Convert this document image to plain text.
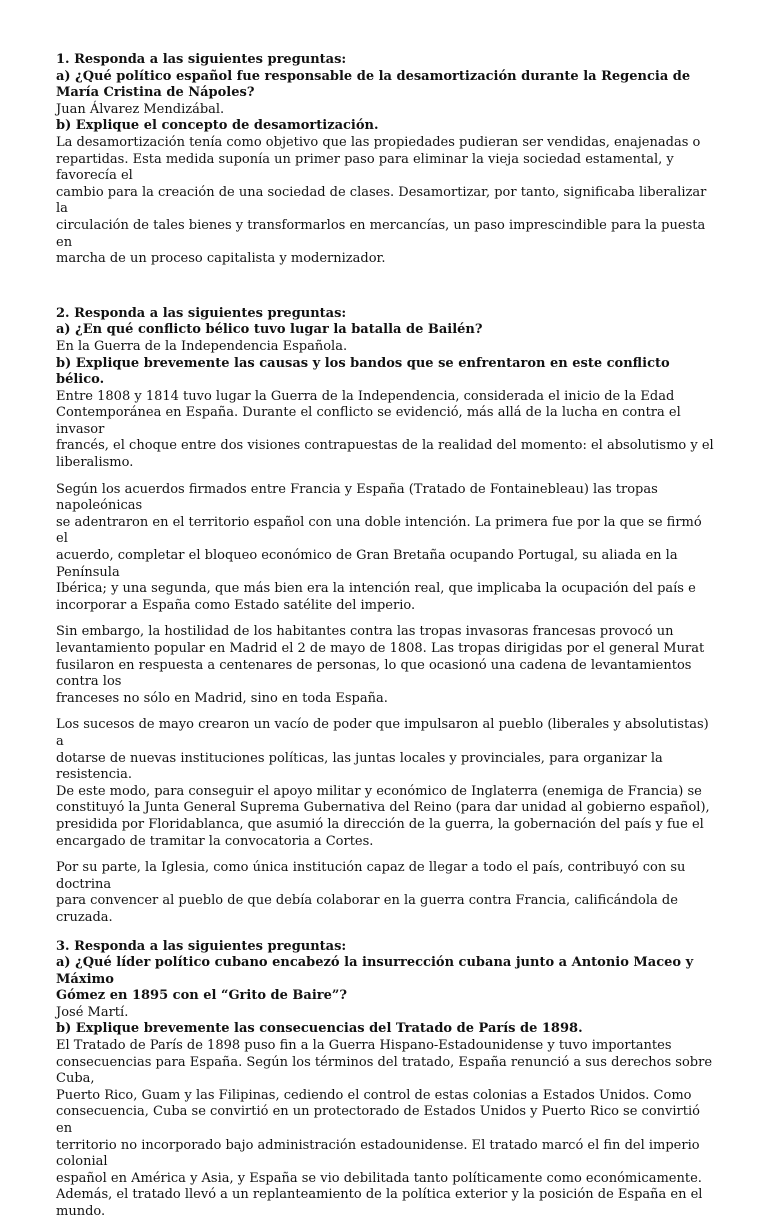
1. Responda a las siguientes preguntas:

a) ¿Qué político español fue responsable de la desamortización durante la Regencia de

María Cristina de Nápoles?

Juan Álvarez Mendizábal.

b) Explique el concepto de desamortización.

La desamortización tenía como objetivo que las propiedades pudieran ser vendidas, enajenadas o

repartidas. Esta medida suponía un primer paso para eliminar la vieja sociedad estamental, y favorecía el

cambio para la creación de una sociedad de clases. Desamortizar, por tanto, significaba liberalizar la

circulación de tales bienes y transformarlos en mercancías, un paso imprescindible para la puesta en

marcha de un proceso capitalista y modernizador.

2. Responda a las siguientes preguntas:

a) ¿En qué conflicto bélico tuvo lugar la batalla de Bailén?

En la Guerra de la Independencia Española.

b) Explique brevemente las causas y los bandos que se enfrentaron en este conflicto bélico.

Entre 1808 y 1814 tuvo lugar la Guerra de la Independencia, considerada el inicio de la Edad

Contemporánea en España. Durante el conflicto se evidenció, más allá de la lucha en contra el invasor

francés, el choque entre dos visiones contrapuestas de la realidad del momento: el absolutismo y el

liberalismo.

Según los acuerdos firmados entre Francia y España (Tratado de Fontainebleau) las tropas napoleónicas

se adentraron en el territorio español con una doble intención. La primera fue por la que se firmó el

acuerdo, completar el bloqueo económico de Gran Bretaña ocupando Portugal, su aliada en la Península

Ibérica; y una segunda, que más bien era la intención real, que implicaba la ocupación del país e

incorporar a España como Estado satélite del imperio.

Sin embargo, la hostilidad de los habitantes contra las tropas invasoras francesas provocó un

levantamiento popular en Madrid el 2 de mayo de 1808. Las tropas dirigidas por el general Murat

fusilaron en respuesta a centenares de personas, lo que ocasionó una cadena de levantamientos contra los

franceses no sólo en Madrid, sino en toda España.

Los sucesos de mayo crearon un vacío de poder que impulsaron al pueblo (liberales y absolutistas) a

dotarse de nuevas instituciones políticas, las juntas locales y provinciales, para organizar la resistencia.

De este modo, para conseguir el apoyo militar y económico de Inglaterra (enemiga de Francia) se

constituyó la Junta General Suprema Gubernativa del Reino (para dar unidad al gobierno español),

presidida por Floridablanca, que asumió la dirección de la guerra, la gobernación del país y fue el

encargado de tramitar la convocatoria a Cortes.

Por su parte, la Iglesia, como única institución capaz de llegar a todo el país, contribuyó con su doctrina

para convencer al pueblo de que debía colaborar en la guerra contra Francia, calificándola de cruzada.

3. Responda a las siguientes preguntas:

a) ¿Qué líder político cubano encabezó la insurrección cubana junto a Antonio Maceo y Máximo

Gómez en 1895 con el “Grito de Baire”?

José Martí.

b) Explique brevemente las consecuencias del Tratado de París de 1898.

El Tratado de París de 1898 puso fin a la Guerra Hispano-Estadounidense y tuvo importantes

consecuencias para España. Según los términos del tratado, España renunció a sus derechos sobre Cuba,

Puerto Rico, Guam y las Filipinas, cediendo el control de estas colonias a Estados Unidos. Como

consecuencia, Cuba se convirtió en un protectorado de Estados Unidos y Puerto Rico se convirtió en

territorio no incorporado bajo administración estadounidense. El tratado marcó el fin del imperio colonial

español en América y Asia, y España se vio debilitada tanto políticamente como económicamente.

Además, el tratado llevó a un replanteamiento de la política exterior y la posición de España en el mundo.
